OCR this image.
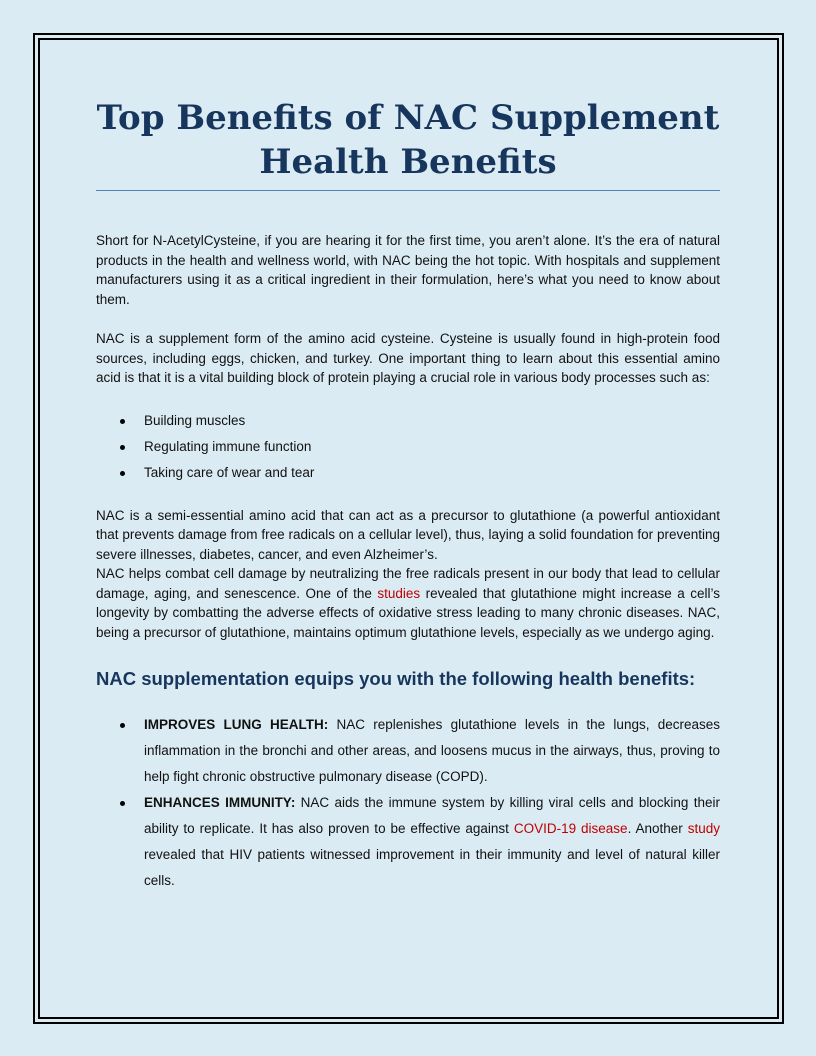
Top Benefits of NAC Supplement Health Benefits

Short for N-AcetylCysteine, if you are hearing it for the first time, you aren’t alone. It’s the era of natural products in the health and wellness world, with NAC being the hot topic. With hospitals and supplement manufacturers using it as a critical ingredient in their formulation, here’s what you need to know about them.

NAC is a supplement form of the amino acid cysteine. Cysteine is usually found in high-protein food sources, including eggs, chicken, and turkey. One important thing to learn about this essential amino acid is that it is a vital building block of protein playing a crucial role in various body processes such as:

Building muscles
Regulating immune function
Taking care of wear and tear

NAC is a semi-essential amino acid that can act as a precursor to glutathione (a powerful antioxidant that prevents damage from free radicals on a cellular level), thus, laying a solid foundation for preventing severe illnesses, diabetes, cancer, and even Alzheimer’s.

NAC helps combat cell damage by neutralizing the free radicals present in our body that lead to cellular damage, aging, and senescence. One of the studies revealed that glutathione might increase a cell’s longevity by combatting the adverse effects of oxidative stress leading to many chronic diseases. NAC, being a precursor of glutathione, maintains optimum glutathione levels, especially as we undergo aging.

NAC supplementation equips you with the following health benefits:
IMPROVES LUNG HEALTH: NAC replenishes glutathione levels in the lungs, decreases inflammation in the bronchi and other areas, and loosens mucus in the airways, thus, proving to help fight chronic obstructive pulmonary disease (COPD).
ENHANCES IMMUNITY: NAC aids the immune system by killing viral cells and blocking their ability to replicate. It has also proven to be effective against COVID-19 disease. Another study revealed that HIV patients witnessed improvement in their immunity and level of natural killer cells.
